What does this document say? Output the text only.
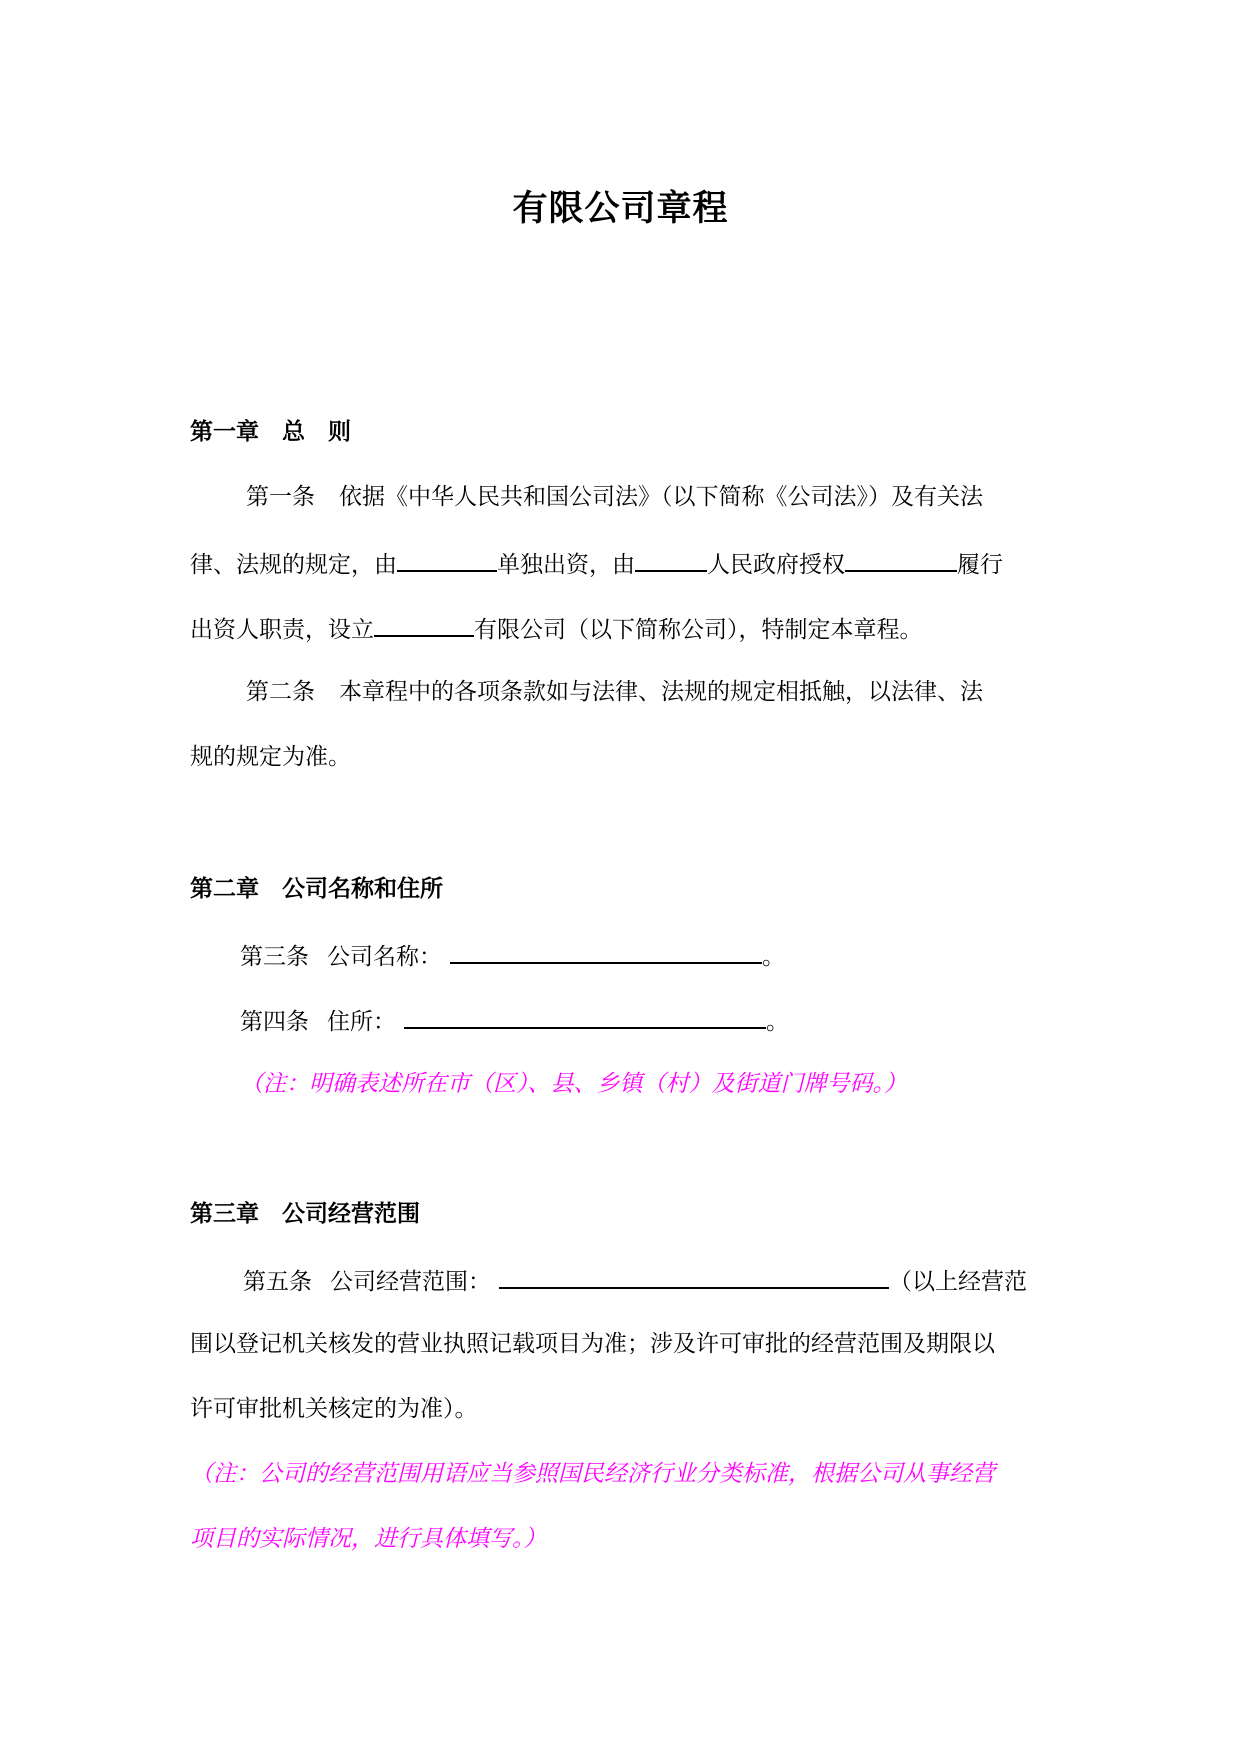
有限公司章程
第一章　总　则
第一条 依据《中华人民共和国公司法》（以下简称《公司法》）及有关法
律、法规的规定，由	单独出资，由	人民政府授权	履行
出资人职责，设立	有限公司（以下简称公司），特制定本章程。
第二条 本章程中的各项条款如与法律、法规的规定相抵触，以法律、法
规的规定为准。
第二章　公司名称和住所
第三条 公司名称：	。
第四条 住所：	。
（注：明确表述所在市（区）、县、乡镇（村）及街道门牌号码。）
第三章　公司经营范围
第五条 公司经营范围：	（以上经营范
围以登记机关核发的营业执照记载项目为准；涉及许可审批的经营范围及期限以
许可审批机关核定的为准）。
（注：公司的经营范围用语应当参照国民经济行业分类标准，根据公司从事经营
项目的实际情况，进行具体填写。）
